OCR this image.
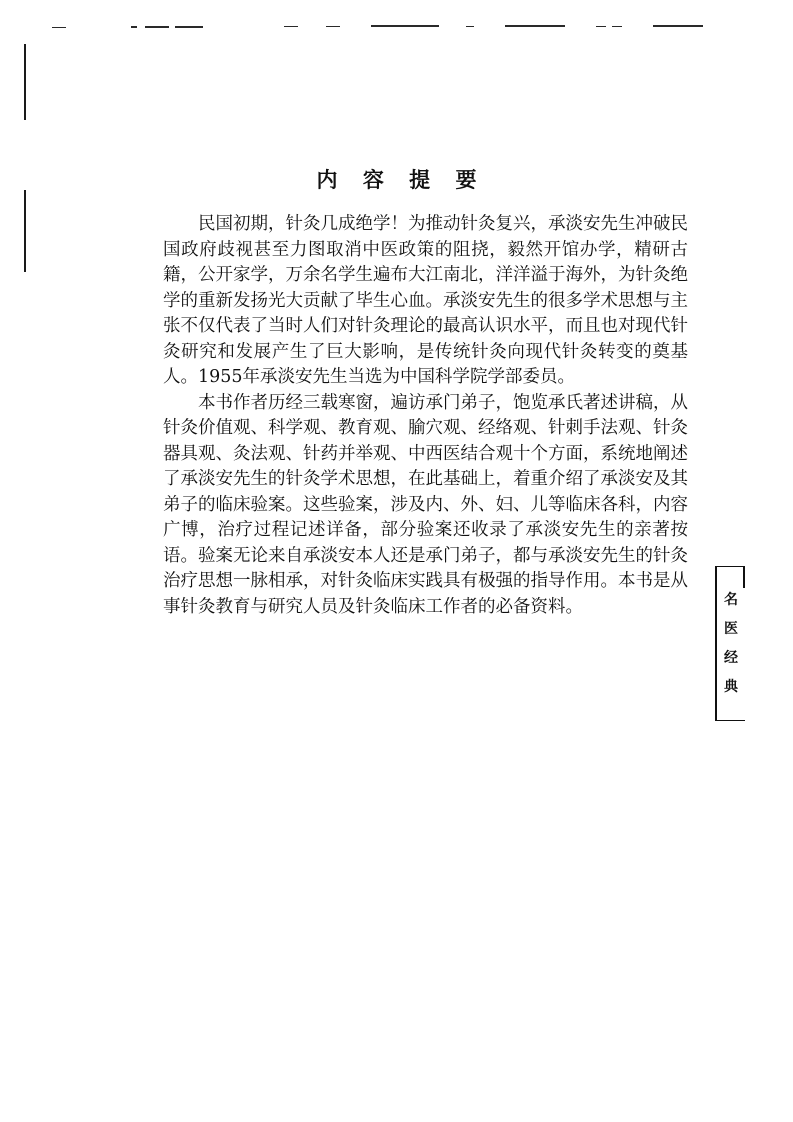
内 容 提 要

民国初期，针灸几成绝学！为推动针灸复兴，承淡安先生冲破民国政府歧视甚至力图取消中医政策的阻挠，毅然开馆办学，精研古籍，公开家学，万余名学生遍布大江南北，洋洋溢于海外，为针灸绝学的重新发扬光大贡献了毕生心血。承淡安先生的很多学术思想与主张不仅代表了当时人们对针灸理论的最高认识水平，而且也对现代针灸研究和发展产生了巨大影响，是传统针灸向现代针灸转变的奠基人。1955年承淡安先生当选为中国科学院学部委员。

本书作者历经三载寒窗，遍访承门弟子，饱览承氏著述讲稿，从针灸价值观、科学观、教育观、腧穴观、经络观、针刺手法观、针灸器具观、灸法观、针药并举观、中西医结合观十个方面，系统地阐述了承淡安先生的针灸学术思想，在此基础上，着重介绍了承淡安及其弟子的临床验案。这些验案，涉及内、外、妇、儿等临床各科，内容广博，治疗过程记述详备，部分验案还收录了承淡安先生的亲著按语。验案无论来自承淡安本人还是承门弟子，都与承淡安先生的针灸治疗思想一脉相承，对针灸临床实践具有极强的指导作用。本书是从事针灸教育与研究人员及针灸临床工作者的必备资料。	名
医
经
典
